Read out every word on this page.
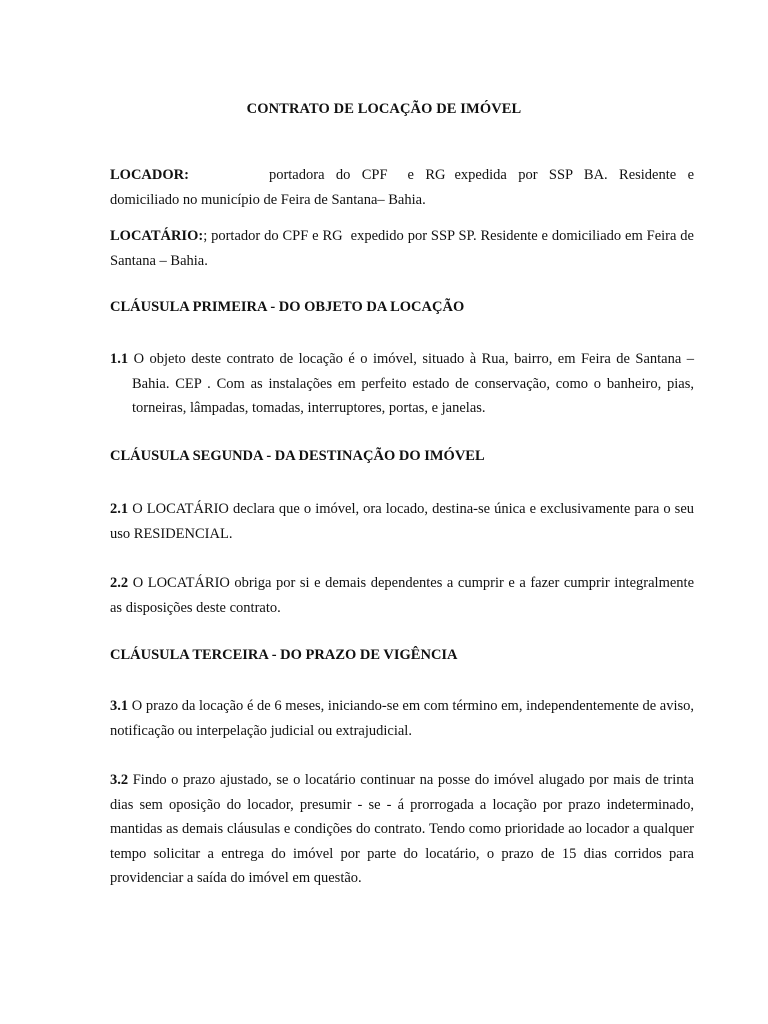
CONTRATO DE LOCAÇÃO DE IMÓVEL
LOCADOR:	portadora do CPF e RG expedida por SSP BA. Residente e domiciliado no município de Feira de Santana– Bahia.
LOCATÁRIO:; portador do CPF e RG expedido por SSP SP. Residente e domiciliado em Feira de Santana – Bahia.
CLÁUSULA PRIMEIRA - DO OBJETO DA LOCAÇÃO
1.1 O objeto deste contrato de locação é o imóvel, situado à Rua, bairro, em Feira de Santana – Bahia. CEP . Com as instalações em perfeito estado de conservação, como o banheiro, pias, torneiras, lâmpadas, tomadas, interruptores, portas, e janelas.
CLÁUSULA SEGUNDA - DA DESTINAÇÃO DO IMÓVEL
2.1 O LOCATÁRIO declara que o imóvel, ora locado, destina-se única e exclusivamente para o seu uso RESIDENCIAL.
2.2 O LOCATÁRIO obriga por si e demais dependentes a cumprir e a fazer cumprir integralmente as disposições deste contrato.
CLÁUSULA TERCEIRA - DO PRAZO DE VIGÊNCIA
3.1 O prazo da locação é de 6 meses, iniciando-se em com término em, independentemente de aviso, notificação ou interpelação judicial ou extrajudicial.
3.2 Findo o prazo ajustado, se o locatário continuar na posse do imóvel alugado por mais de trinta dias sem oposição do locador, presumir - se - á prorrogada a locação por prazo indeterminado, mantidas as demais cláusulas e condições do contrato. Tendo como prioridade ao locador a qualquer tempo solicitar a entrega do imóvel por parte do locatário, o prazo de 15 dias corridos para providenciar a saída do imóvel em questão.
